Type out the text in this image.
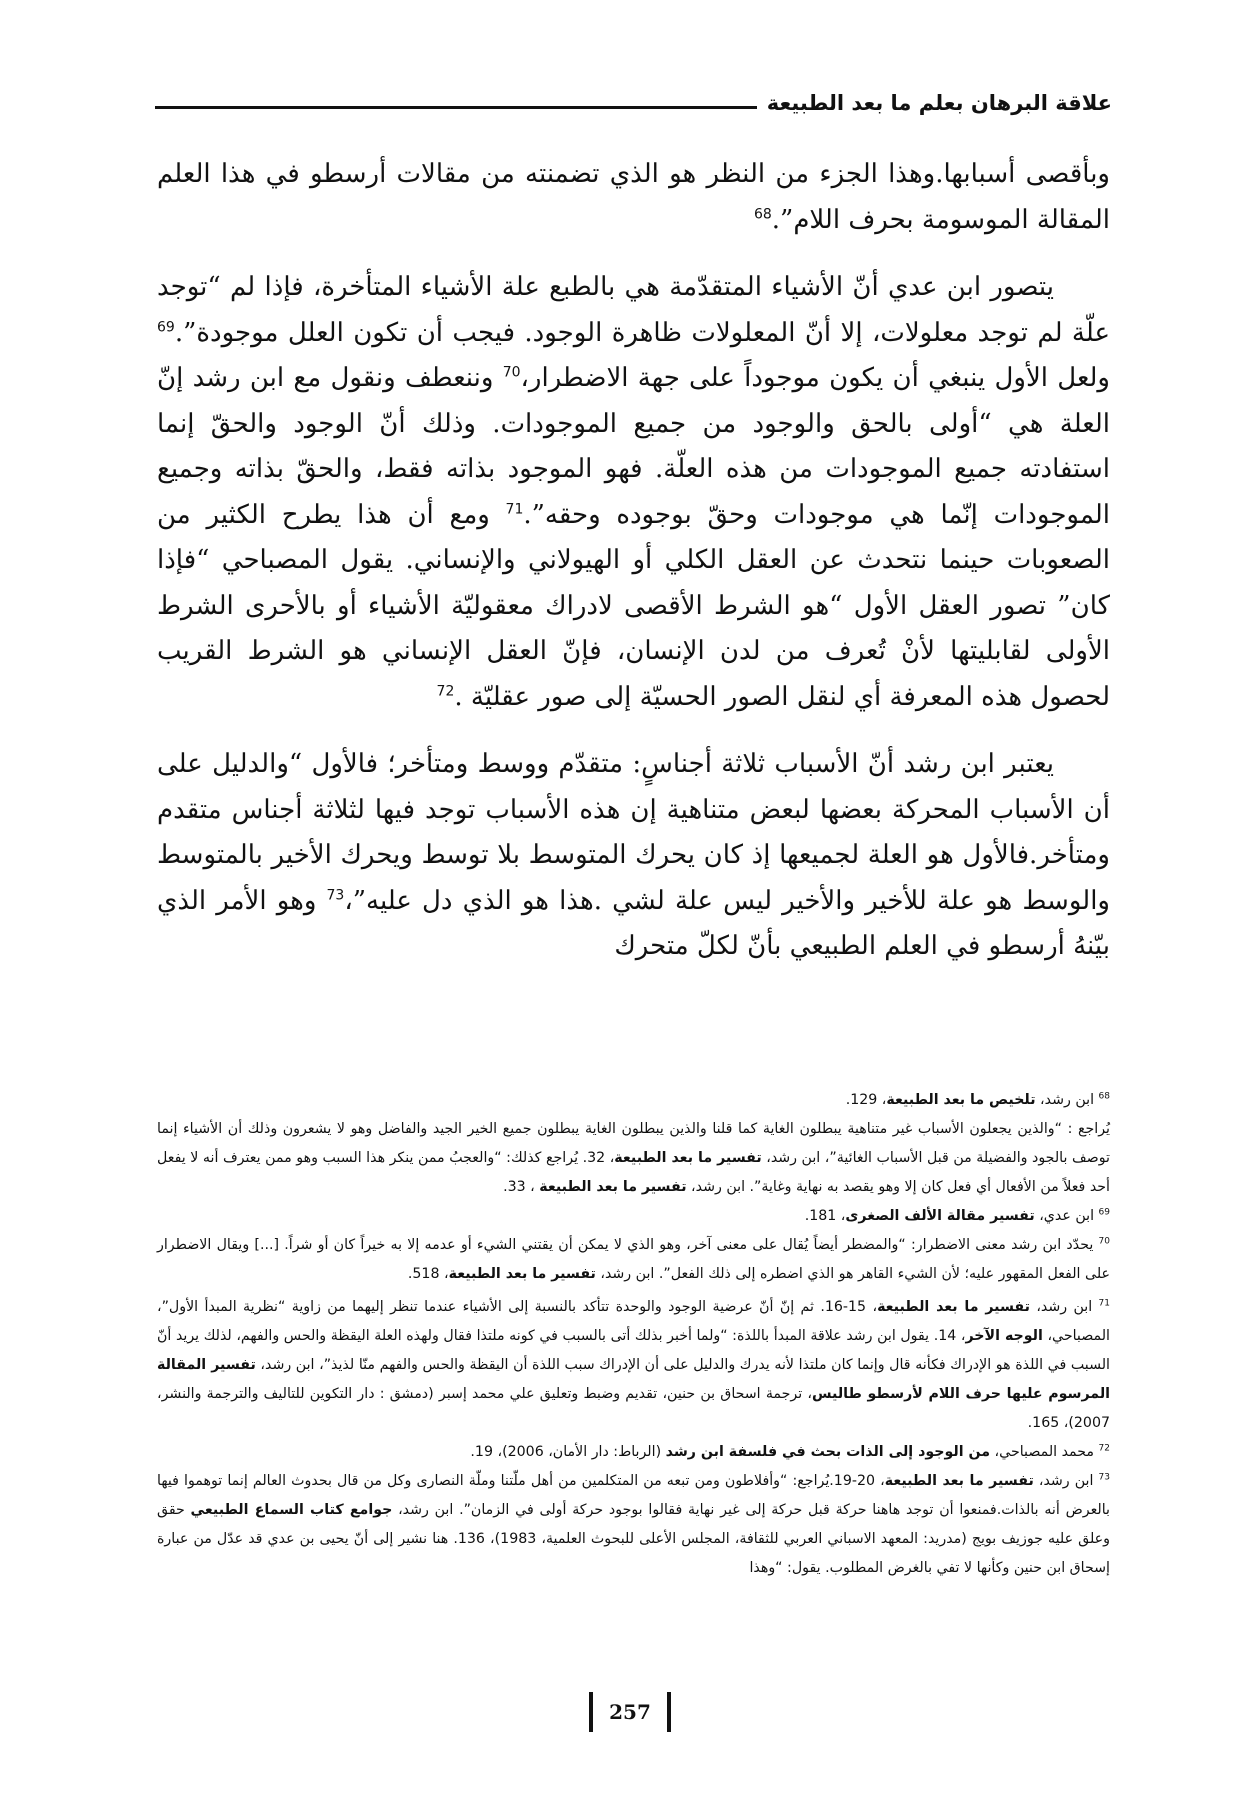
علاقة البرهان بعلم ما بعد الطبيعة

وبأقصى أسبابها.وهذا الجزء من النظر هو الذي تضمنته من مقالات أرسطو في هذا العلم المقالة الموسومة بحرف اللام”.$^{68}$

يتصور ابن عدي أنّ الأشياء المتقدّمة هي بالطبع علة الأشياء المتأخرة، فإذا لم “توجد علّة لم توجد معلولات، إلا أنّ المعلولات ظاهرة الوجود. فيجب أن تكون العلل موجودة”.$^{69}$ ولعل الأول ينبغي أن يكون موجوداً على جهة الاضطرار،$^{70}$ وننعطف ونقول مع ابن رشد إنّ العلة هي “أولى بالحق والوجود من جميع الموجودات. وذلك أنّ الوجود والحقّ إنما استفادته جميع الموجودات من هذه العلّة. فهو الموجود بذاته فقط، والحقّ بذاته وجميع الموجودات إنّما هي موجودات وحقّ بوجوده وحقه”.$^{71}$ ومع أن هذا يطرح الكثير من الصعوبات حينما نتحدث عن العقل الكلي أو الهيولاني والإنساني. يقول المصباحي “فإذا كان” تصور العقل الأول “هو الشرط الأقصى لادراك معقوليّة الأشياء أو بالأحرى الشرط الأولى لقابليتها لأنْ تُعرف من لدن الإنسان، فإنّ العقل الإنساني هو الشرط القريب لحصول هذه المعرفة أي لنقل الصور الحسيّة إلى صور عقليّة .$^{72}$

يعتبر ابن رشد أنّ الأسباب ثلاثة أجناسٍ: متقدّم ووسط ومتأخر؛ فالأول “والدليل على أن الأسباب المحركة بعضها لبعض متناهية إن هذه الأسباب توجد فيها لثلاثة أجناس متقدم ومتأخر.فالأول هو العلة لجميعها إذ كان يحرك المتوسط بلا توسط ويحرك الأخير بالمتوسط والوسط هو علة للأخير والأخير ليس علة لشي .هذا هو الذي دل عليه”،$^{73}$ وهو الأمر الذي بيّنهُ أرسطو في العلم الطبيعي بأنّ لكلّ متحرك

$^{68}$ ابن رشد، تلخيص ما بعد الطبيعة، 129.

يُراجع : “والذين يجعلون الأسباب غير متناهية يبطلون الغاية كما قلنا والذين يبطلون الغاية يبطلون جميع الخير الجيد والفاضل وهو لا يشعرون وذلك أن الأشياء إنما توصف بالجود والفضيلة من قبل الأسباب الغائية”، ابن رشد، تفسير ما بعد الطبيعة، 32. يُراجع كذلك: “والعجبُ ممن ينكر هذا السبب وهو ممن يعترف أنه لا يفعل أحد فعلاً من الأفعال أي فعل كان إلا وهو يقصد به نهاية وغاية”. ابن رشد، تفسير ما بعد الطبيعة ، 33.

$^{69}$ ابن عدي، تفسير مقالة الألف الصغرى، 181.

$^{70}$ يحدّد ابن رشد معنى الاضطرار: “والمضطر أيضاً يُقال على معنى آخر، وهو الذي لا يمكن أن يقتني الشيء أو عدمه إلا به خيراً كان أو شراً. [...] ويقال الاضطرار على الفعل المقهور عليه؛ لأن الشيء القاهر هو الذي اضطره إلى ذلك الفعل”. ابن رشد، تفسير ما بعد الطبيعة، 518.

$^{71}$ ابن رشد، تفسير ما بعد الطبيعة، 15-16. ثم إنّ أنّ عرضية الوجود والوحدة تتأكد بالنسبة إلى الأشياء عندما تنظر إليهما من زاوية “نظرية المبدأ الأول”، المصباحي، الوجه الآخر، 14. يقول ابن رشد علاقة المبدأ باللذة: “ولما أخبر بذلك أتى بالسبب في كونه ملتذا فقال ولهذه العلة اليقظة والحس والفهم، لذلك يريد أنّ السبب في اللذة هو الإدراك فكأنه قال وإنما كان ملتذا لأنه يدرك والدليل على أن الإدراك سبب اللذة أن اليقظة والحس والفهم منّا لذيذ”، ابن رشد، تفسير المقالة المرسوم عليها حرف اللام لأرسطو طاليس، ترجمة اسحاق بن حنين، تقديم وضبط وتعليق علي محمد إسبر (دمشق : دار التكوين للتاليف والترجمة والنشر، 2007)، 165.

$^{72}$ محمد المصباحي، من الوجود إلى الذات بحث في فلسفة ابن رشد (الرباط: دار الأمان، 2006)، 19.

$^{73}$ ابن رشد، تفسير ما بعد الطبيعة، 20-19.يُراجع: “وأفلاطون ومن تبعه من المتكلمين من أهل ملّتنا وملّة النصارى وكل من قال بحدوث العالم إنما توهموا فيها بالعرض أنه بالذات.فمنعوا أن توجد هاهنا حركة قبل حركة إلى غير نهاية فقالوا بوجود حركة أولى في الزمان”. ابن رشد، جوامع كتاب السماع الطبيعي حقق وعلق عليه جوزيف بويج (مدريد: المعهد الاسباني العربي للثقافة، المجلس الأعلى للبحوث العلمية، 1983)، 136. هنا نشير إلى أنّ يحيى بن عدي قد عدّل من عبارة إسحاق ابن حنين وكأنها لا تفي بالغرض المطلوب. يقول: “وهذا

257
